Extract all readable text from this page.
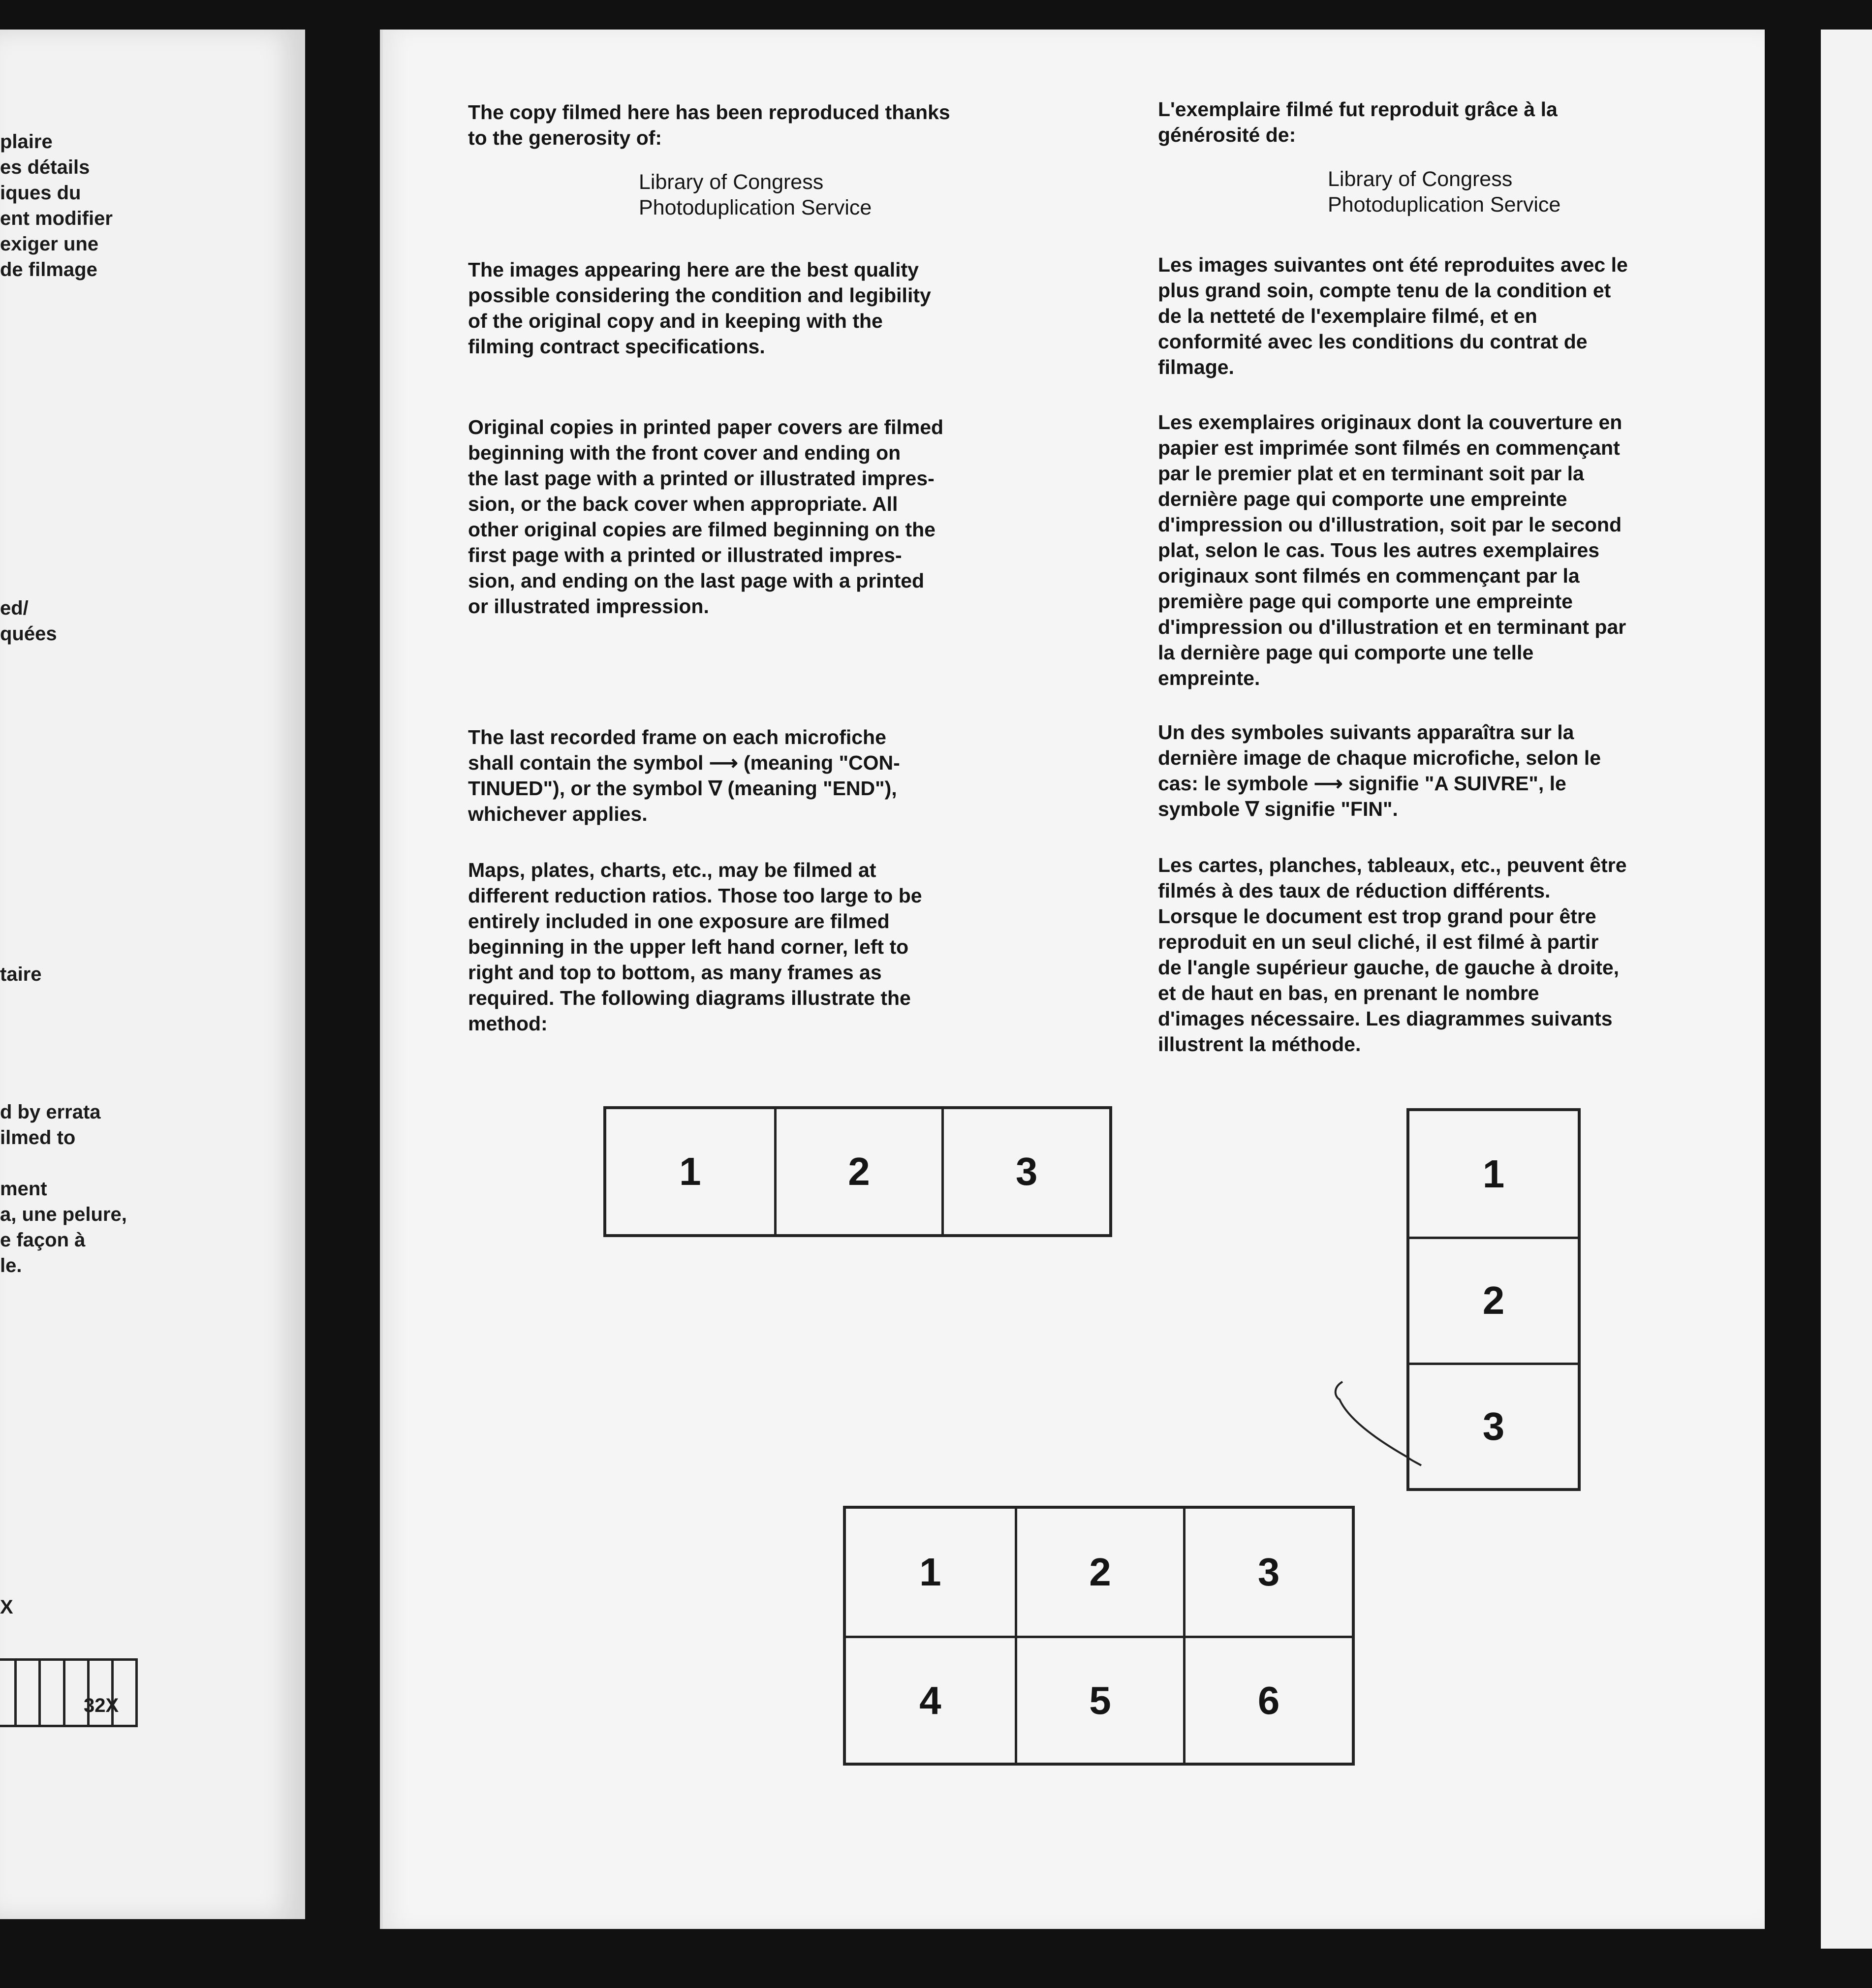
plaire
es détails
iques du
ent modifier
exiger une
de filmage
ed/
quées
taire
d by errata
ilmed to
ment
a, une pelure,
e façon à
le.
X
32X

The copy filmed here has been reproduced thanks
to the generosity of:

Library of Congress
Photoduplication Service

The images appearing here are the best quality
possible considering the condition and legibility
of the original copy and in keeping with the
filming contract specifications.

Original copies in printed paper covers are filmed
beginning with the front cover and ending on
the last page with a printed or illustrated impres-
sion, or the back cover when appropriate. All
other original copies are filmed beginning on the
first page with a printed or illustrated impres-
sion, and ending on the last page with a printed
or illustrated impression.

The last recorded frame on each microfiche
shall contain the symbol ⟶ (meaning "CON-
TINUED"), or the symbol ∇ (meaning "END"),
whichever applies.

Maps, plates, charts, etc., may be filmed at
different reduction ratios. Those too large to be
entirely included in one exposure are filmed
beginning in the upper left hand corner, left to
right and top to bottom, as many frames as
required. The following diagrams illustrate the
method:

L'exemplaire filmé fut reproduit grâce à la
générosité de:

Library of Congress
Photoduplication Service

Les images suivantes ont été reproduites avec le
plus grand soin, compte tenu de la condition et
de la netteté de l'exemplaire filmé, et en
conformité avec les conditions du contrat de
filmage.

Les exemplaires originaux dont la couverture en
papier est imprimée sont filmés en commençant
par le premier plat et en terminant soit par la
dernière page qui comporte une empreinte
d'impression ou d'illustration, soit par le second
plat, selon le cas. Tous les autres exemplaires
originaux sont filmés en commençant par la
première page qui comporte une empreinte
d'impression ou d'illustration et en terminant par
la dernière page qui comporte une telle
empreinte.

Un des symboles suivants apparaîtra sur la
dernière image de chaque microfiche, selon le
cas: le symbole ⟶ signifie "A SUIVRE", le
symbole ∇ signifie "FIN".

Les cartes, planches, tableaux, etc., peuvent être
filmés à des taux de réduction différents.
Lorsque le document est trop grand pour être
reproduit en un seul cliché, il est filmé à partir
de l'angle supérieur gauche, de gauche à droite,
et de haut en bas, en prenant le nombre
d'images nécessaire. Les diagrammes suivants
illustrent la méthode.

1	2	3	1
2
3
1	2	3
4	5	6
